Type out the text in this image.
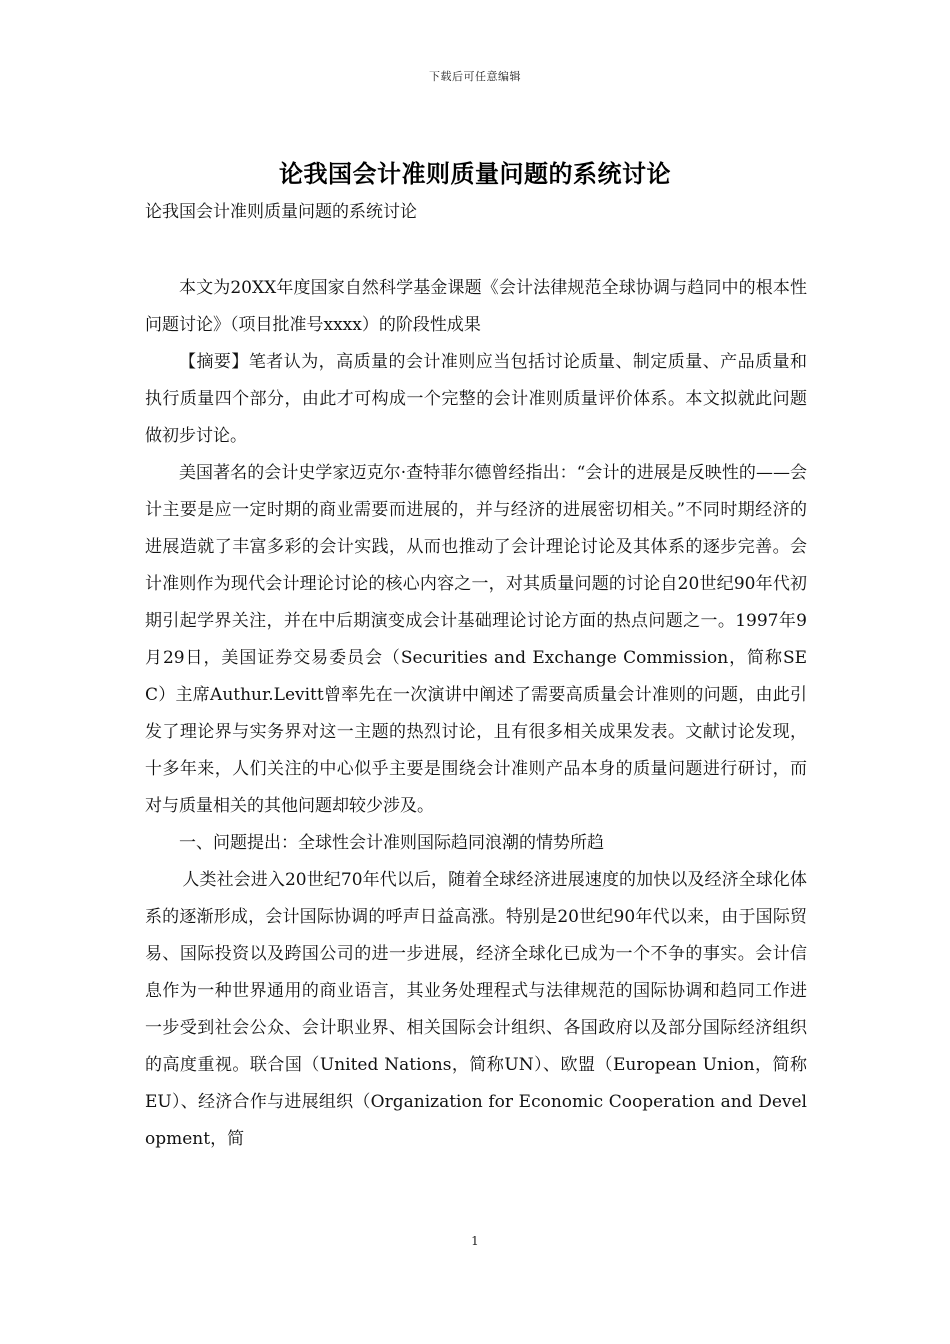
下载后可任意编辑
论我国会计准则质量问题的系统讨论
论我国会计准则质量问题的系统讨论

本文为20XX年度国家自然科学基金课题《会计法律规范全球协调与趋同中的根本性问题讨论》（项目批准号xxxx）的阶段性成果

【摘要】笔者认为，高质量的会计准则应当包括讨论质量、制定质量、产品质量和执行质量四个部分，由此才可构成一个完整的会计准则质量评价体系。本文拟就此问题做初步讨论。

美国著名的会计史学家迈克尔·查特菲尔德曾经指出：“会计的进展是反映性的——会计主要是应一定时期的商业需要而进展的，并与经济的进展密切相关。”不同时期经济的进展造就了丰富多彩的会计实践，从而也推动了会计理论讨论及其体系的逐步完善。会计准则作为现代会计理论讨论的核心内容之一，对其质量问题的讨论自20世纪90年代初期引起学界关注，并在中后期演变成会计基础理论讨论方面的热点问题之一。1997年9月29日，美国证券交易委员会（Securities and Exchange Commission，简称SEC）主席Authur.Levitt曾率先在一次演讲中阐述了需要高质量会计准则的问题，由此引发了理论界与实务界对这一主题的热烈讨论，且有很多相关成果发表。文献讨论发现，十多年来，人们关注的中心似乎主要是围绕会计准则产品本身的质量问题进行研讨，而对与质量相关的其他问题却较少涉及。

一、问题提出：全球性会计准则国际趋同浪潮的情势所趋

人类社会进入20世纪70年代以后，随着全球经济进展速度的加快以及经济全球化体系的逐渐形成，会计国际协调的呼声日益高涨。特别是20世纪90年代以来，由于国际贸易、国际投资以及跨国公司的进一步进展，经济全球化已成为一个不争的事实。会计信息作为一种世界通用的商业语言，其业务处理程式与法律规范的国际协调和趋同工作进一步受到社会公众、会计职业界、相关国际会计组织、各国政府以及部分国际经济组织的高度重视。联合国（United Nations，简称UN）、欧盟（European Union，简称EU）、经济合作与进展组织（Organization for Economic Cooperation and Development，简

1
